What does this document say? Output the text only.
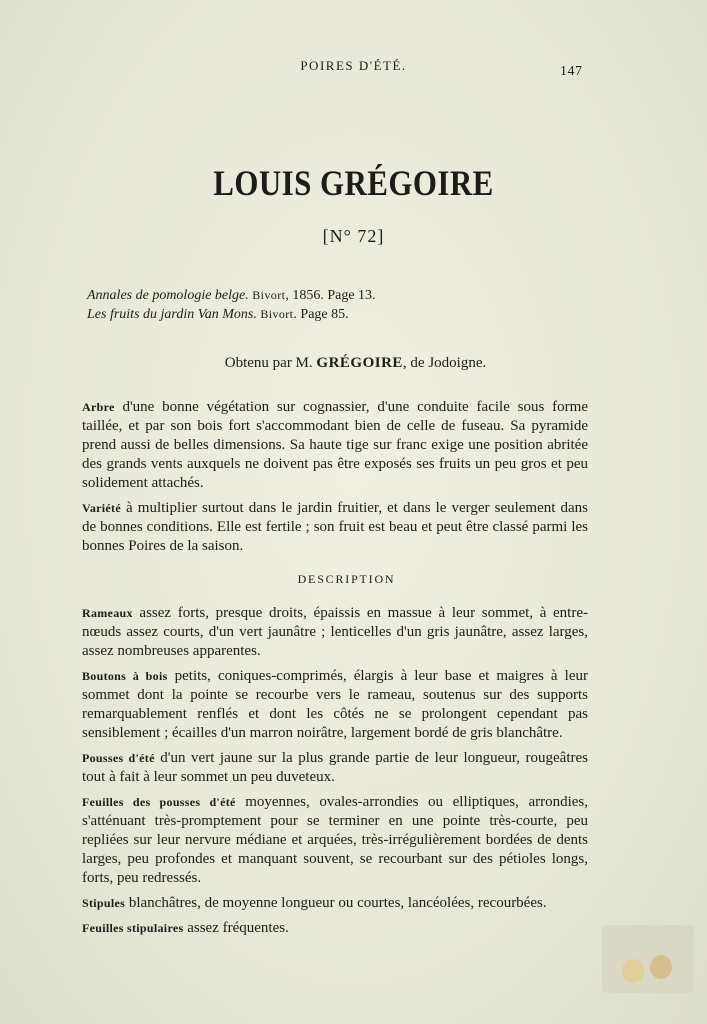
POIRES D'ÉTÉ.	147
LOUIS GRÉGOIRE
[N° 72]
Annales de pomologie belge. Bivort, 1856. Page 13.
Les fruits du jardin Van Mons. Bivort. Page 85.
Obtenu par M. GRÉGOIRE, de Jodoigne.

Arbre d'une bonne végétation sur cognassier, d'une conduite facile sous forme taillée, et par son bois fort s'accommodant bien de celle de fuseau. Sa pyramide prend aussi de belles dimensions. Sa haute tige sur franc exige une position abritée des grands vents auxquels ne doivent pas être exposés ses fruits un peu gros et peu solidement attachés.

Variété à multiplier surtout dans le jardin fruitier, et dans le verger seulement dans de bonnes conditions. Elle est fertile ; son fruit est beau et peut être classé parmi les bonnes Poires de la saison.

DESCRIPTION

Rameaux assez forts, presque droits, épaissis en massue à leur sommet, à entre-nœuds assez courts, d'un vert jaunâtre ; lenticelles d'un gris jaunâtre, assez larges, assez nombreuses apparentes.

Boutons à bois petits, coniques-comprimés, élargis à leur base et maigres à leur sommet dont la pointe se recourbe vers le rameau, soutenus sur des supports remarquablement renflés et dont les côtés ne se prolongent cependant pas sensiblement ; écailles d'un marron noirâtre, largement bordé de gris blanchâtre.

Pousses d'été d'un vert jaune sur la plus grande partie de leur longueur, rougeâtres tout à fait à leur sommet un peu duveteux.

Feuilles des pousses d'été moyennes, ovales-arrondies ou elliptiques, arrondies, s'atténuant très-promptement pour se terminer en une pointe très-courte, peu repliées sur leur nervure médiane et arquées, très-irrégulièrement bordées de dents larges, peu profondes et manquant souvent, se recourbant sur des pétioles longs, forts, peu redressés.

Stipules blanchâtres, de moyenne longueur ou courtes, lancéolées, recourbées.

Feuilles stipulaires assez fréquentes.
